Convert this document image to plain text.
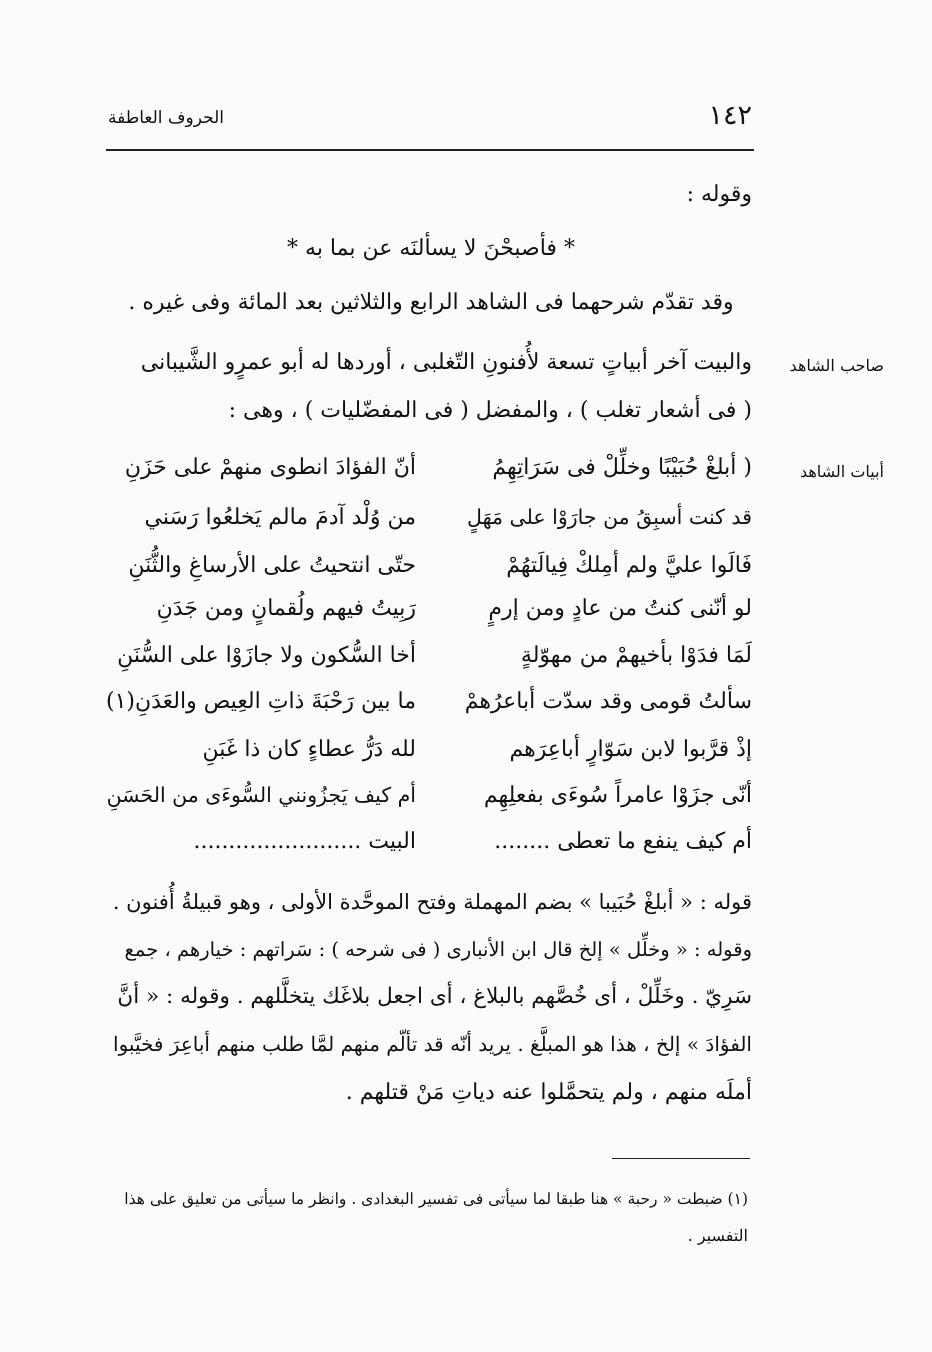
١٤٢
الحروف العاطفة
وقوله :
* فأصبحْنَ لا يسألنَه عن بما به *
وقد تقدّم شرحهما فى الشاهد الرابع والثلاثين بعد المائة وفى غيره .
والبيت آخر أبياتٍ تسعة لأُفنونِ التّغلبى ، أوردها له أبو عمرٍو الشَّيبانى
( فى أشعار تغلب ) ، والمفضل ( فى المفضّليات ) ، وهى :
صاحب الشاهد
أبيات الشاهد
( أبلغْ حُبَيْبًا وخلِّلْ فى سَرَاتِهِمُ
أنّ الفؤادَ انطوى منهمْ على حَزَنِ
قد كنت أسبِقُ من جارَوْا على مَهَلٍ
من وُلْد آدمَ مالم يَخلعُوا رَسَني
فَالَوا عليَّ ولم أمِلكْ فِيالَتهُمْ
حتّى انتحيتُ على الأرساغِ والثُّنَنِ
لو أنّنى كنتُ من عادٍ ومن إرمٍ
رَبِيتُ فيهم ولُقمانٍ ومن جَدَنِ
لَمَا فدَوْا بأخيهمْ من مهوّلةٍ
أخا السُّكون ولا جازَوْا على السُّنَنِ
سألتُ قومى وقد سدّت أباعرُهمْ
ما بين رَحْبَةَ ذاتِ العِيص والعَدَنِ(١)
إذْ قرَّبوا لابن سَوّارٍ أباعِرَهم
لله دَرُّ عطاءٍ كان ذا غَبَنِ
أنّى جزَوْا عامراً سُوءَى بفعلِهِم
أم كيف يَجزُونني السُّوءَى من الحَسَنِ
أم كيف ينفع ما تعطى ........
البيت ........................
قوله : « أبلغْ حُبَيبا » بضم المهملة وفتح الموحَّدة الأولى ، وهو قبيلةُ أُفنون .
وقوله : « وخلِّل » إلخ قال ابن الأنبارى ( فى شرحه ) : سَراتهم : خيارهم ، جمع
سَرِيّ . وخَلِّلْ ، أى خُصَّهم بالبلاغ ، أى اجعل بلاغَك يتخلَّلهم . وقوله : « أنَّ
الفؤادَ » إلخ ، هذا هو المبلَّغ . يريد أنّه قد تألّم منهم لمَّا طلب منهم أباعِرَ فخيَّبوا
أملَه منهم ، ولم يتحمَّلوا عنه دياتِ مَنْ قتلهم .
(١) ضبطت « رحبة » هنا طبقا لما سيأتى فى تفسير البغدادى . وانظر ما سيأتى من تعليق على هذا
التفسير .
